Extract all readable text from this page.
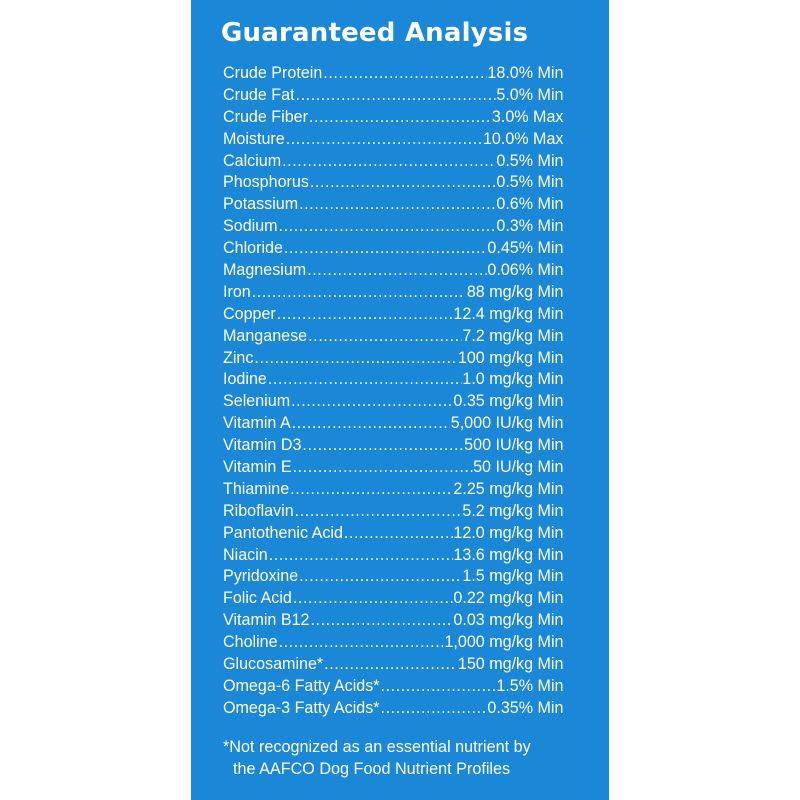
Guaranteed Analysis
Crude Protein .....	18.0% Min
Crude Fat .....	5.0% Min
Crude Fiber .....	3.0% Max
Moisture .....	10.0% Max
Calcium .....	0.5% Min
Phosphorus .....	0.5% Min
Potassium .....	0.6% Min
Sodium .....	0.3% Min
Chloride .....	0.45% Min
Magnesium .....	0.06% Min
Iron .....	88 mg/kg Min
Copper .....	12.4 mg/kg Min
Manganese .....	7.2 mg/kg Min
Zinc .....	100 mg/kg Min
Iodine .....	1.0 mg/kg Min
Selenium .....	0.35 mg/kg Min
Vitamin A .....	5,000 IU/kg Min
Vitamin D3 .....	500 IU/kg Min
Vitamin E .....	50 IU/kg Min
Thiamine .....	2.25 mg/kg Min
Riboflavin .....	5.2 mg/kg Min
Pantothenic Acid .....	12.0 mg/kg Min
Niacin .....	13.6 mg/kg Min
Pyridoxine .....	1.5 mg/kg Min
Folic Acid .....	0.22 mg/kg Min
Vitamin B12 .....	0.03 mg/kg Min
Choline .....	1,000 mg/kg Min
Glucosamine* .....	150 mg/kg Min
Omega-6 Fatty Acids* .....	1.5% Min
Omega-3 Fatty Acids* .....	0.35% Min

*Not recognized as an essential nutrient by
the AAFCO Dog Food Nutrient Profiles
